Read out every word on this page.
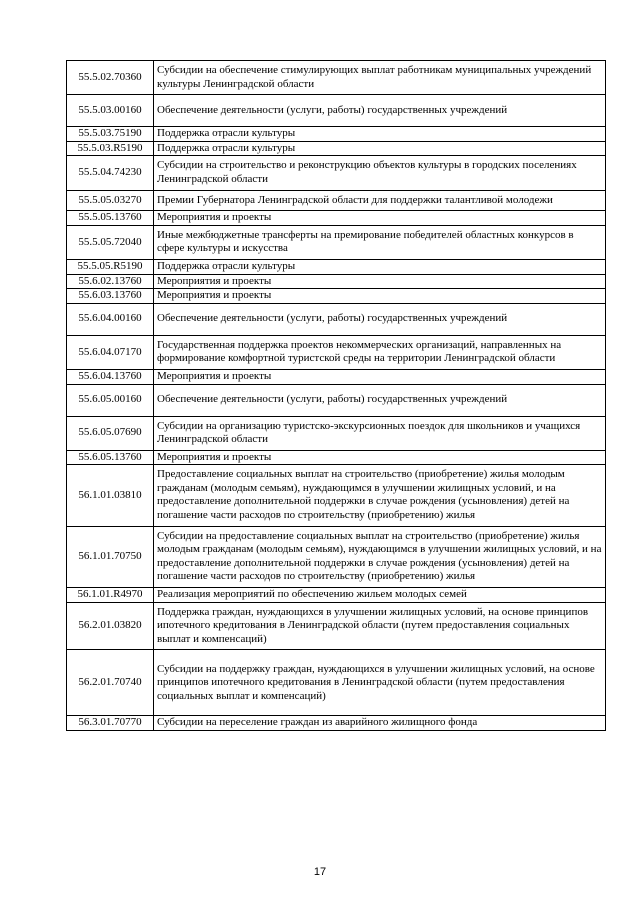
55.5.02.70360	Субсидии на обеспечение стимулирующих выплат работникам муниципальных учреждений культуры Ленинградской области
55.5.03.00160	Обеспечение деятельности (услуги, работы) государственных учреждений
55.5.03.75190	Поддержка отрасли культуры
55.5.03.R5190	Поддержка отрасли культуры
55.5.04.74230	Субсидии на строительство и реконструкцию объектов культуры в городских поселениях Ленинградской области
55.5.05.03270	Премии Губернатора Ленинградской области для поддержки талантливой молодежи
55.5.05.13760	Мероприятия и проекты
55.5.05.72040	Иные межбюджетные трансферты на премирование победителей областных конкурсов в сфере культуры и искусства
55.5.05.R5190	Поддержка отрасли культуры
55.6.02.13760	Мероприятия и проекты
55.6.03.13760	Мероприятия и проекты
55.6.04.00160	Обеспечение деятельности (услуги, работы) государственных учреждений
55.6.04.07170	Государственная поддержка проектов некоммерческих организаций, направленных на формирование комфортной туристской среды на территории Ленинградской области
55.6.04.13760	Мероприятия и проекты
55.6.05.00160	Обеспечение деятельности (услуги, работы) государственных учреждений
55.6.05.07690	Субсидии на организацию туристско-экскурсионных поездок для школьников и учащихся Ленинградской области
55.6.05.13760	Мероприятия и проекты
56.1.01.03810	Предоставление социальных выплат на строительство (приобретение) жилья молодым гражданам (молодым семьям), нуждающимся в улучшении жилищных условий, и на предоставление дополнительной поддержки в случае рождения (усыновления) детей на погашение части расходов по строительству (приобретению) жилья
56.1.01.70750	Субсидии на предоставление социальных выплат на строительство (приобретение) жилья молодым гражданам (молодым семьям), нуждающимся в улучшении жилищных условий, и на предоставление дополнительной поддержки в случае рождения (усыновления) детей на погашение части расходов по строительству (приобретению) жилья
56.1.01.R4970	Реализация мероприятий по обеспечению жильем молодых семей
56.2.01.03820	Поддержка граждан, нуждающихся в улучшении жилищных условий, на основе принципов ипотечного кредитования в Ленинградской области (путем предоставления социальных выплат и компенсаций)
56.2.01.70740	Субсидии на поддержку граждан, нуждающихся в улучшении жилищных условий, на основе принципов ипотечного кредитования в Ленинградской области (путем предоставления социальных выплат и компенсаций)
56.3.01.70770	Субсидии на переселение граждан из аварийного жилищного фонда
17
